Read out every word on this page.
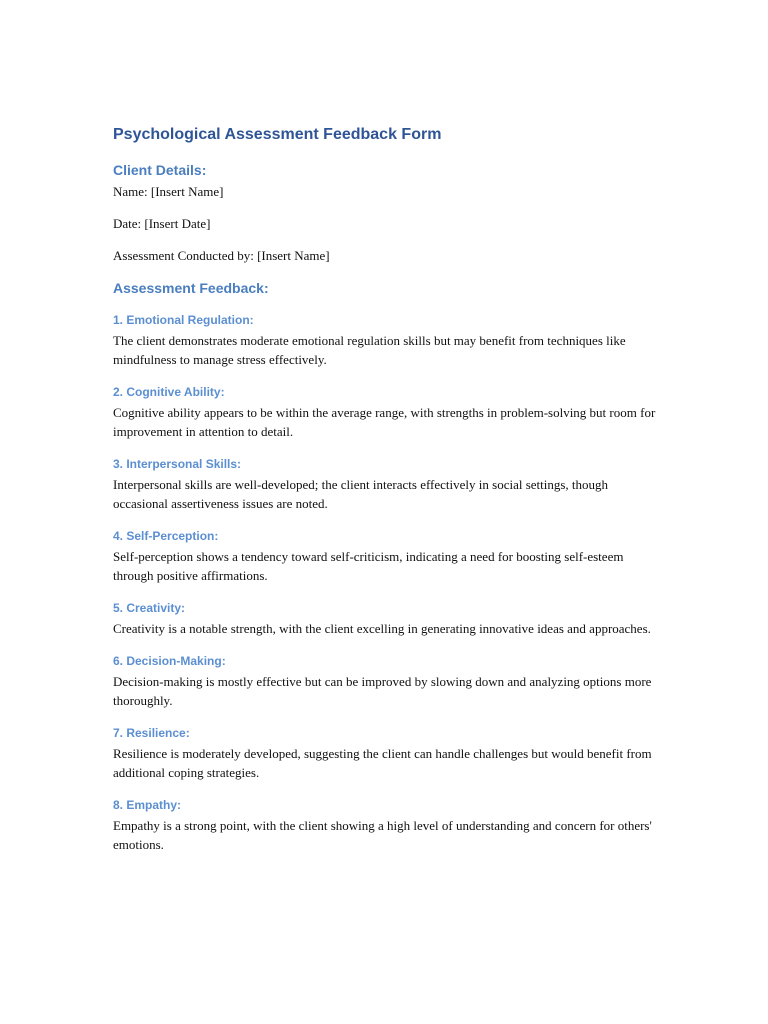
Psychological Assessment Feedback Form
Client Details:

Name: [Insert Name]

Date: [Insert Date]

Assessment Conducted by: [Insert Name]

Assessment Feedback:
1. Emotional Regulation:

The client demonstrates moderate emotional regulation skills but may benefit from techniques like mindfulness to manage stress effectively.

2. Cognitive Ability:

Cognitive ability appears to be within the average range, with strengths in problem-solving but room for improvement in attention to detail.

3. Interpersonal Skills:

Interpersonal skills are well-developed; the client interacts effectively in social settings, though occasional assertiveness issues are noted.

4. Self-Perception:

Self-perception shows a tendency toward self-criticism, indicating a need for boosting self-esteem through positive affirmations.

5. Creativity:

Creativity is a notable strength, with the client excelling in generating innovative ideas and approaches.

6. Decision-Making:

Decision-making is mostly effective but can be improved by slowing down and analyzing options more thoroughly.

7. Resilience:

Resilience is moderately developed, suggesting the client can handle challenges but would benefit from additional coping strategies.

8. Empathy:

Empathy is a strong point, with the client showing a high level of understanding and concern for others' emotions.
